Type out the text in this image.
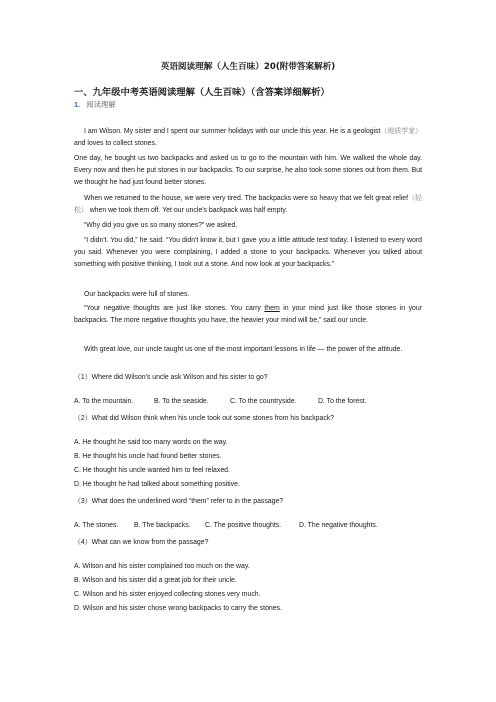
英语阅读理解（人生百味）20(附带答案解析)
一、九年级中考英语阅读理解（人生百味）（含答案详细解析）
1. 阅读理解
I am Wilson. My sister and I spent our summer holidays with our uncle this year. He is a geologist（地质学家） and loves to collect stones.
One day, he bought us two backpacks and asked us to go to the mountain with him. We walked the whole day. Every now and then he put stones in our backpacks. To our surprise, he also took some stones out from them. But we thought he had just found better stones.
When we returned to the house, we were very tired. The backpacks were so heavy that we felt great relief（轻松） when we took them off. Yet our uncle's backpack was half empty.
“Why did you give us so many stones?” we asked.
“I didn't. You did,” he said. “You didn't know it, but I gave you a little attitude test today. I listened to every word you said. Whenever you were complaining, I added a stone to your backpacks. Whenever you talked about something with positive thinking, I took out a stone. And now look at your backpacks.”
Our backpacks were full of stones.
“Your negative thoughts are just like stones. You carry them in your mind just like those stones in your backpacks. The more negative thoughts you have, the heavier your mind will be,” said our uncle.
With great love, our uncle taught us one of the most important lessons in life — the power of the attitude.
（1）Where did Wilson's uncle ask Wilson and his sister to go?
A. To the mountain.	B. To the seaside.	C. To the countryside.	D. To the forest.
（2）What did Wilson think when his uncle took out some stones from his backpack?
A. He thought he said too many words on the way.
B. He thought his uncle had found better stones.
C. He thought his uncle wanted him to feel relaxed.
D. He thought he had talked about something positive.
（3）What does the underlined word “them” refer to in the passage?
A. The stones. B. The backpacks. C. The positive thoughts.	D. The negative thoughts.
（4）What can we know from the passage?
A. Wilson and his sister complained too much on the way.
B. Wilson and his sister did a great job for their uncle.
C. Wilson and his sister enjoyed collecting stones very much.
D. Wilson and his sister chose wrong backpacks to carry the stones.
